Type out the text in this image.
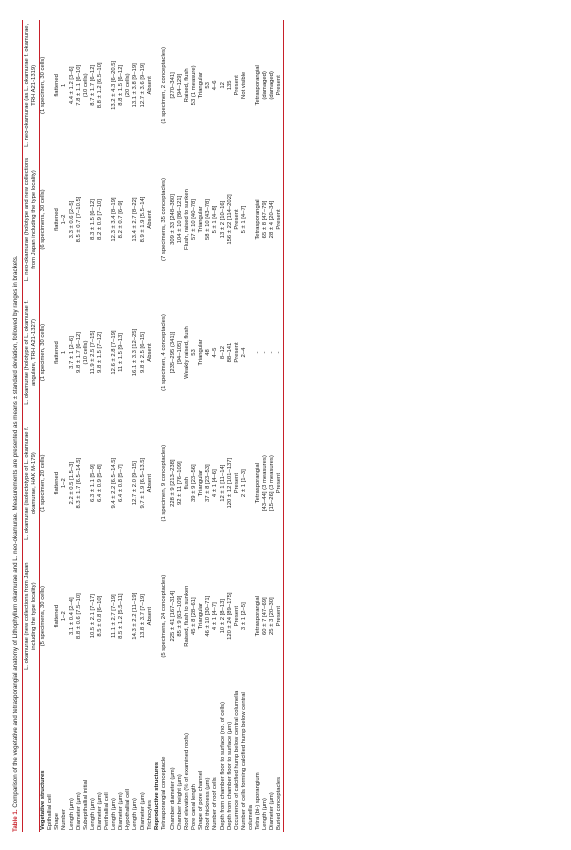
Table 1. Comparison of the vegetative and tetrasporangial anatomy of Lithophyllum okamurae and L. neo-okamurae. Measurements are presented as means ± standard deviation, followed by ranges in brackets.
	L. okamurae (new collections from Japan including the type locality)	L. okamurae (isolectotype of L. okamurae f. okamurae, HAK M-179)	L. okamurae (holotype of L. okamurae f. angulare, TRH A21-1327)	L. neo-okamurae (holotype and new collections from Japan including the type locality)	L. neo-okamurae (as L. okamurae f. okamurae, TRH A21-1319)
Vegetative structures	(5 specimens, 30 cells)	(1 specimen, 20 cells)	(1 specimen, 30 cells)	(6 specimens, 30 cells)	(1 specimen, 30 cells)
Epithallial cell					
Shape	flattened	flattened	flattened	flattened	flattened
Number	1–2	1–2	1	1–2	1
Length (μm)	3.1 ± 0.4 [2–4]	2.2 ± 0.5 [1.5–3]	3.7 ± 1 [2–6]	3.3 ± 0.6 [2–5]	4.4 ± 1.2 [3–6]
Diameter (μm)	8.8 ± 0.6 [7.5–10]	8.3 ± 1.7 [6.5–14.5]	9.8 ± 1.7 [6–12]	8.5 ± 0.7 [7–10.5]	7.8 ± 1.1 [6–10]
Subepithallial initial			(10 cells)		(10 cells)
Length (μm)	10.5 ± 2.1 [7–17]	6.3 ± 1.1 [5–9]	11.9 ± 2.5 [7–15]	8.3 ± 1.5 [6–12]	8.7 ± 1.7 [6–12]
Diameter (μm)	8.5 ± 0.8 [6–10]	6.4 ± 0.9 [5–8]	9.8 ± 1.5 [7–12]	8.2 ± 0.9 [7–10]	8.8 ± 1.2 [6.5–10]
Perithallial cell					
Length (μm)	11.1 ± 2.7 [7–19]	9.4 ± 2.2 [6.5–14.5]	12.6 ± 2.8 [7–19]	12.3 ± 3.4 [8–19]	13.2 ± 4.3 [6–20.5]
Diameter (μm)	8.5 ± 1.2 [5.5–11]	6.4 ± 0.8 [5–7]	11 ± 1.5 [9–13]	8.2 ± 0.7 [6–9]	8.8 ± 1.5 [6–12]
Hypothallial cell					(20 cells)
Length (μm)	14.3 ± 2.2 [11–19]	12.7 ± 2.0 [9–15]	16.1 ± 3.3 [12–25]	13.4 ± 2.7 [8–22]	13.1 ± 3.8 [9–19]
Diameter (μm)	13.8 ± 3.7 [7–19]	9.7 ± 1.9 [6.5–13.5]	9.8 ± 2.5 [6–15]	8.9 ± 1.9 [5.5–14]	12.7 ± 3.6 [9–19]
Trichocytes	Absent	Absent	Absent	Absent	Absent
Reproductive structures					
Tetrasporangial conceptacle	(5 specimens, 24 conceptacles)	(1 specimen, 9 conceptacles)	(1 specimen, 4 conceptacles)	(7 specimens, 35 conceptacles)	(1 specimen, 2 conceptacles)
Chamber diameter (μm)	225 ± 41 [167–314]	228 ± 9 [213–238]	[235–295 (341)]	309 ± 33 [248–380]	[270–341]
Chamber height (μm)	85 ± 9 [63–109]	92 ± 11 [76–109]	[94–105]	104 ± 10 [86–121]	[94–129]
Roof elevation (% of examined roofs)	Raised, flush to sunken	flush	Weakly raised, flush	Flush, raised to sunken	Raised, flush
Pore canal length	45 ± 8 [28–61]	39 ± 9 [23–56]	53	57 ± 10 [40–78]	53 (1 measure)
Shape of pore channel	Triangular	Triangular	Triangular	Triangular	Triangular
Roof thickness (μm)	46 ± 10 [30–71]	37 ± 8 [23–53]	48	58 ± 10 [43–78]	53
Number of roof cells	4 ± 1 [4–7]	4 ± 1 [4–6]	4–5	5 ± 1 [4–8]	4–6
Depth from chamber floor to surface (no. of cells)	10 ± 2 [8–13]	12 ± 1 [11–14]	8–12	13 ± 2 [10–16]	12
Depth from chamber floor to surface (μm)	120 ± 24 [89–175]	120 ± 12 [101–137]	88–141	156 ± 22 [114–202]	135
Occurrence of calcified hump below central columella	Present	Present	Present	Present	Present
Number of cells forming calcified hump below central columella	3 ± 1 [2–5]	2 ± 1 [1–3]	2–4	5 ± 1 [4–7]	Not visible
Tetra (bi-) sporangium	Tetrasporangial	Tetrasporangial	-	Tetrasporangial	Tetrasporangial
Length (μm)	60 ± 7 [47–69]	[43–44] (3 measures)	-	65 ± 8 [47–79]	(damaged)
Diameter (μm)	25 ± 3 [20–30]	[15–26] (3 measures)	-	28 ± 4 [20–34]	(damaged)
Buried conceptacles	Present	Present	-	Present	Present
